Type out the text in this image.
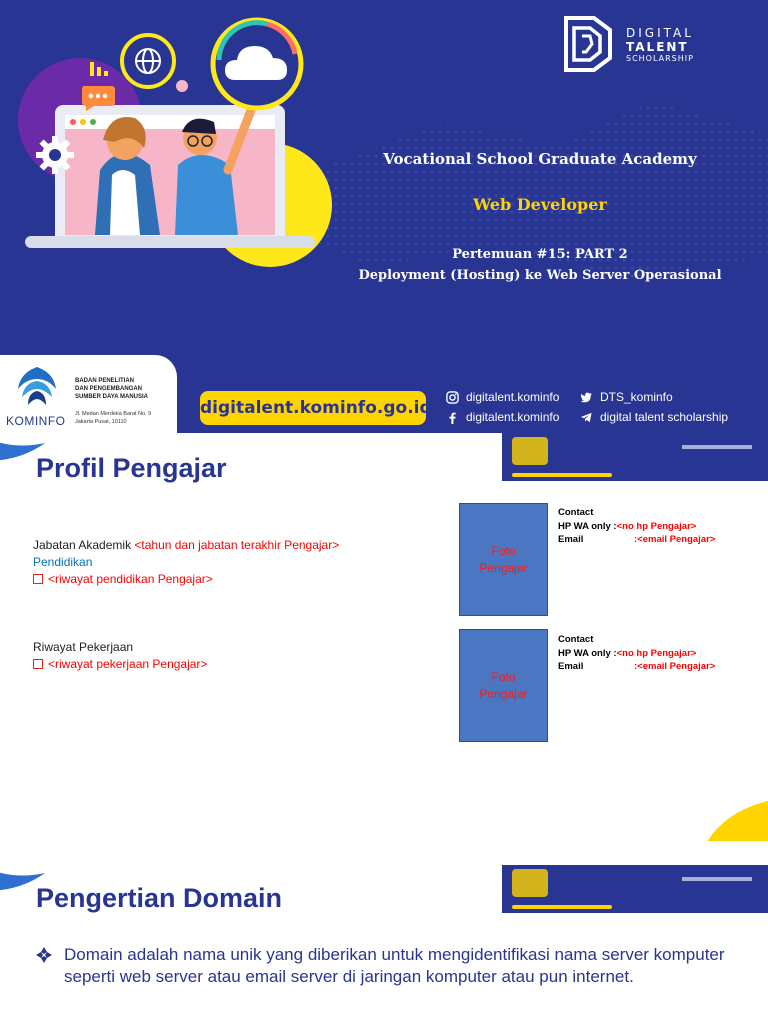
DIGITAL
TALENT
SCHOLARSHIP
Vocational School Graduate Academy
Web Developer
Pertemuan #15: PART 2
Deployment (Hosting) ke Web Server Operasional
KOMINFO
BADAN PENELITIAN
DAN PENGEMBANGAN
SUMBER DAYA MANUSIA
Jl. Medan Merdeka Barat No. 9
Jakarta Pusat, 10110
digitalent.kominfo.go.id
digitalent.kominfo	DTS_kominfo
digitalent.kominfo	digital talent scholarship
Profil Pengajar
Jabatan Akademik <tahun dan jabatan terakhir Pengajar>
Pendidikan
<riwayat pendidikan Pengajar>
Riwayat Pekerjaan
<riwayat pekerjaan Pengajar>
Foto
Pengajar
Contact
HP WA only :<no hp Pengajar>
Email	:<email Pengajar>
Foto
Pengajar
Contact
HP WA only :<no hp Pengajar>
Email	:<email Pengajar>
Pengertian Domain
Domain adalah nama unik yang diberikan untuk mengidentifikasi nama server komputer seperti web server atau email server di jaringan komputer atau pun internet.
